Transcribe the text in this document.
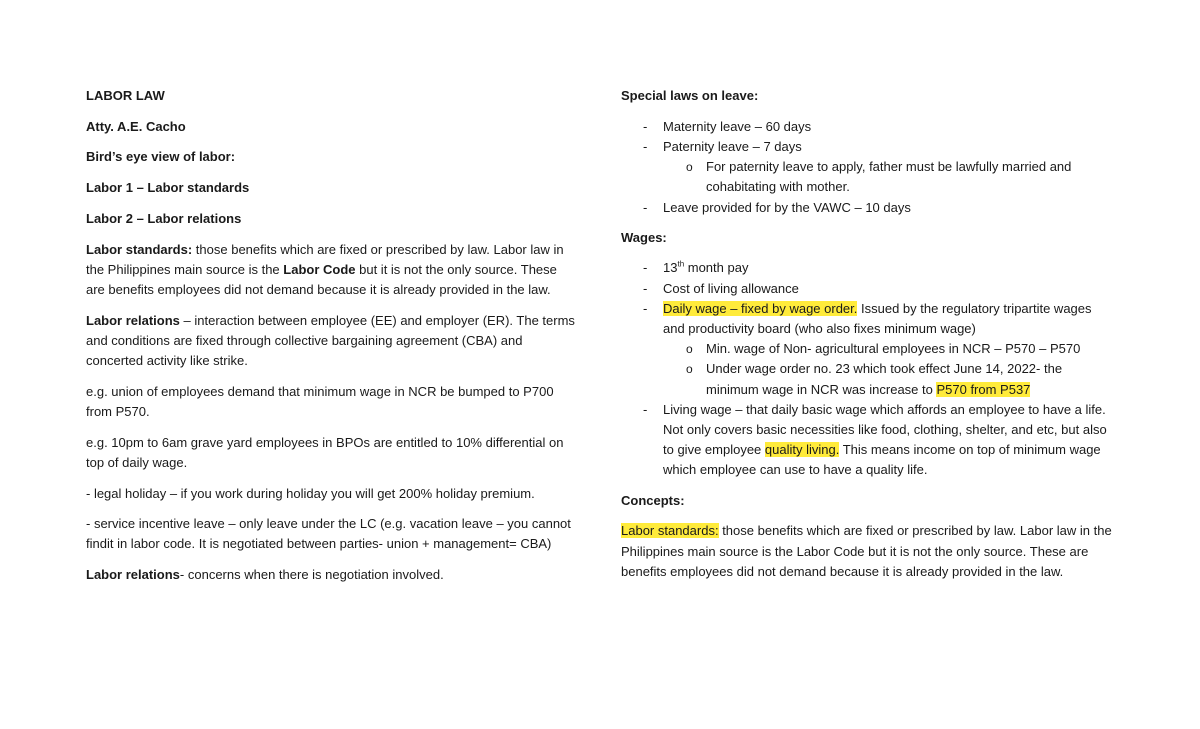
LABOR LAW

Atty. A.E. Cacho

Bird’s eye view of labor:

Labor 1 – Labor standards

Labor 2 – Labor relations

Labor standards: those benefits which are fixed or prescribed by law. Labor law in the Philippines main source is the Labor Code but it is not the only source. These are benefits employees did not demand because it is already provided in the law.

Labor relations – interaction between employee (EE) and employer (ER). The terms and conditions are fixed through collective bargaining agreement (CBA) and concerted activity like strike.

e.g. union of employees demand that minimum wage in NCR be bumped to P700 from P570.

e.g. 10pm to 6am grave yard employees in BPOs are entitled to 10% differential on top of daily wage.

- legal holiday – if you work during holiday you will get 200% holiday premium.

- service incentive leave – only leave under the LC (e.g. vacation leave – you cannot findit in labor code. It is negotiated between parties- union + management= CBA)

Labor relations- concerns when there is negotiation involved.

Special laws on leave:

- Maternity leave – 60 days
- Paternity leave – 7 days
o For paternity leave to apply, father must be lawfully married and cohabitating with mother.
- Leave provided for by the VAWC – 10 days

Wages:

- 13th month pay
- Cost of living allowance
- Daily wage – fixed by wage order. Issued by the regulatory tripartite wages and productivity board (who also fixes minimum wage)
o Min. wage of Non- agricultural employees in NCR – P570 – P570
o Under wage order no. 23 which took effect June 14, 2022- the minimum wage in NCR was increase to P570 from P537
- Living wage – that daily basic wage which affords an employee to have a life. Not only covers basic necessities like food, clothing, shelter, and etc, but also to give employee quality living. This means income on top of minimum wage which employee can use to have a quality life.

Concepts:

Labor standards: those benefits which are fixed or prescribed by law. Labor law in the Philippines main source is the Labor Code but it is not the only source. These are benefits employees did not demand because it is already provided in the law.
